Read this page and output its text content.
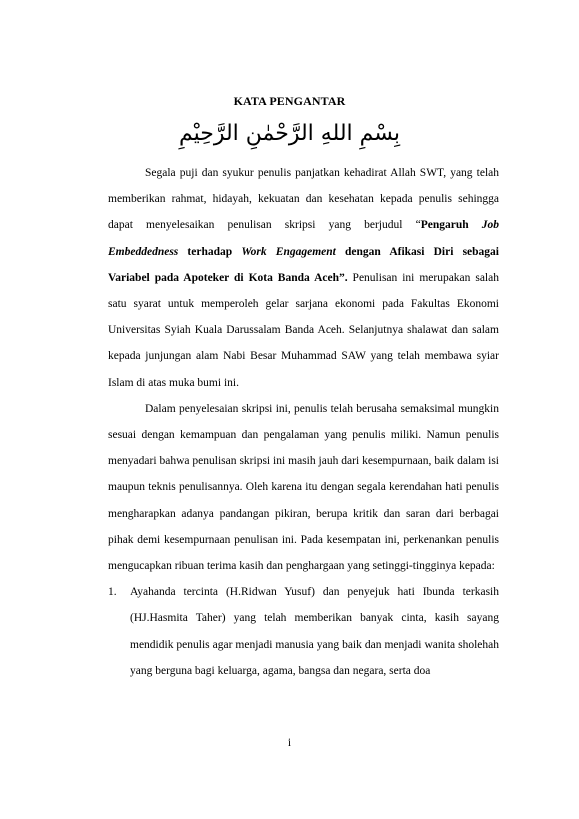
KATA PENGANTAR
بِسْمِ اللهِ الرَّحْمٰنِ الرَّحِيْمِ

Segala puji dan syukur penulis panjatkan kehadirat Allah SWT, yang telah memberikan rahmat, hidayah, kekuatan dan kesehatan kepada penulis sehingga dapat menyelesaikan penulisan skripsi yang berjudul “Pengaruh Job Embeddedness terhadap Work Engagement dengan Afikasi Diri sebagai Variabel pada Apoteker di Kota Banda Aceh”. Penulisan ini merupakan salah satu syarat untuk memperoleh gelar sarjana ekonomi pada Fakultas Ekonomi Universitas Syiah Kuala Darussalam Banda Aceh. Selanjutnya shalawat dan salam kepada junjungan alam Nabi Besar Muhammad SAW yang telah membawa syiar Islam di atas muka bumi ini.

Dalam penyelesaian skripsi ini, penulis telah berusaha semaksimal mungkin sesuai dengan kemampuan dan pengalaman yang penulis miliki. Namun penulis menyadari bahwa penulisan skripsi ini masih jauh dari kesempurnaan, baik dalam isi maupun teknis penulisannya. Oleh karena itu dengan segala kerendahan hati penulis mengharapkan adanya pandangan pikiran, berupa kritik dan saran dari berbagai pihak demi kesempurnaan penulisan ini. Pada kesempatan ini, perkenankan penulis mengucapkan ribuan terima kasih dan penghargaan yang setinggi-tingginya kepada:

1. Ayahanda tercinta (H.Ridwan Yusuf) dan penyejuk hati Ibunda terkasih (HJ.Hasmita Taher) yang telah memberikan banyak cinta, kasih sayang mendidik penulis agar menjadi manusia yang baik dan menjadi wanita sholehah yang berguna bagi keluarga, agama, bangsa dan negara, serta doa
i
